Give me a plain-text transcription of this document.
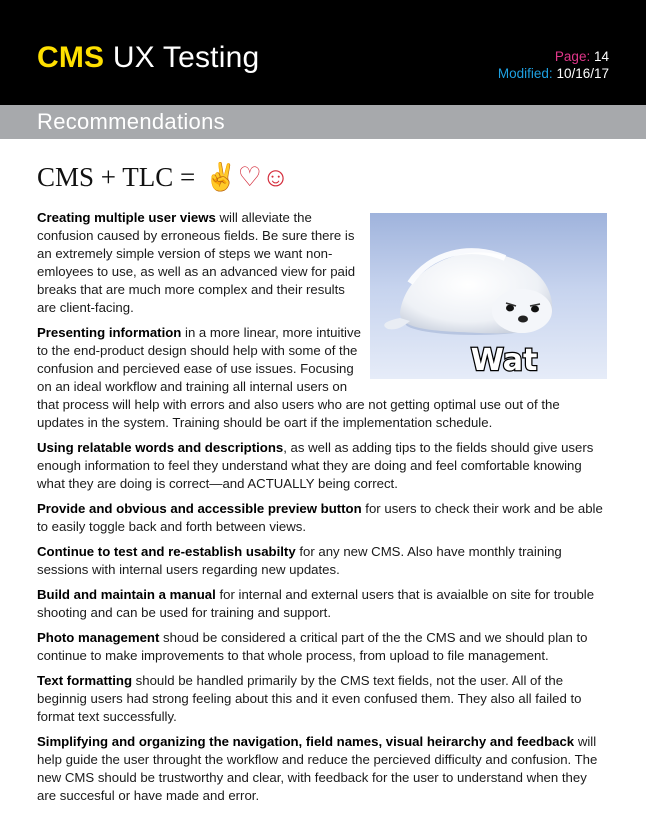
CMS UX Testing	Page: 14
Modified: 10/16/17
Recommendations
CMS + TLC = ✌♡☺
Wat

Creating multiple user views will alleviate the confusion caused by erroneous fields. Be sure there is an extremely simple version of steps we want non-emloyees to use, as well as an advanced view for paid breaks that are much more complex and their results are client-facing.

Presenting information in a more linear, more intuitive to the end-product design should help with some of the confusion and percieved ease of use issues. Focusing on an ideal workflow and training all internal users on that process will help with errors and also users who are not getting optimal use out of the updates in the system. Training should be oart if the implementation schedule.

Using relatable words and descriptions, as well as adding tips to the fields should give users enough information to feel they understand what they are doing and feel comfortable knowing what they are doing is correct—and ACTUALLY being correct.

Provide and obvious and accessible preview button for users to check their work and be able to easily toggle back and forth between views.

Continue to test and re-establish usabilty for any new CMS. Also have monthly training sessions with internal users regarding new updates.

Build and maintain a manual for internal and external users that is avaialble on site for trouble shooting and can be used for training and support.

Photo management shoud be considered a critical part of the the CMS and we should plan to continue to make improvements to that whole process, from upload to file management.

Text formatting should be handled primarily by the CMS text fields, not the user. All of the beginnig users had strong feeling about this and it even confused them. They also all failed to format text successfully.

Simplifying and organizing the navigation, field names, visual heirarchy and feedback will help guide the user throught the workflow and reduce the percieved difficulty and confusion. The new CMS should be trustworthy and clear, with feedback for the user to understand when they are succesful or have made and error.
